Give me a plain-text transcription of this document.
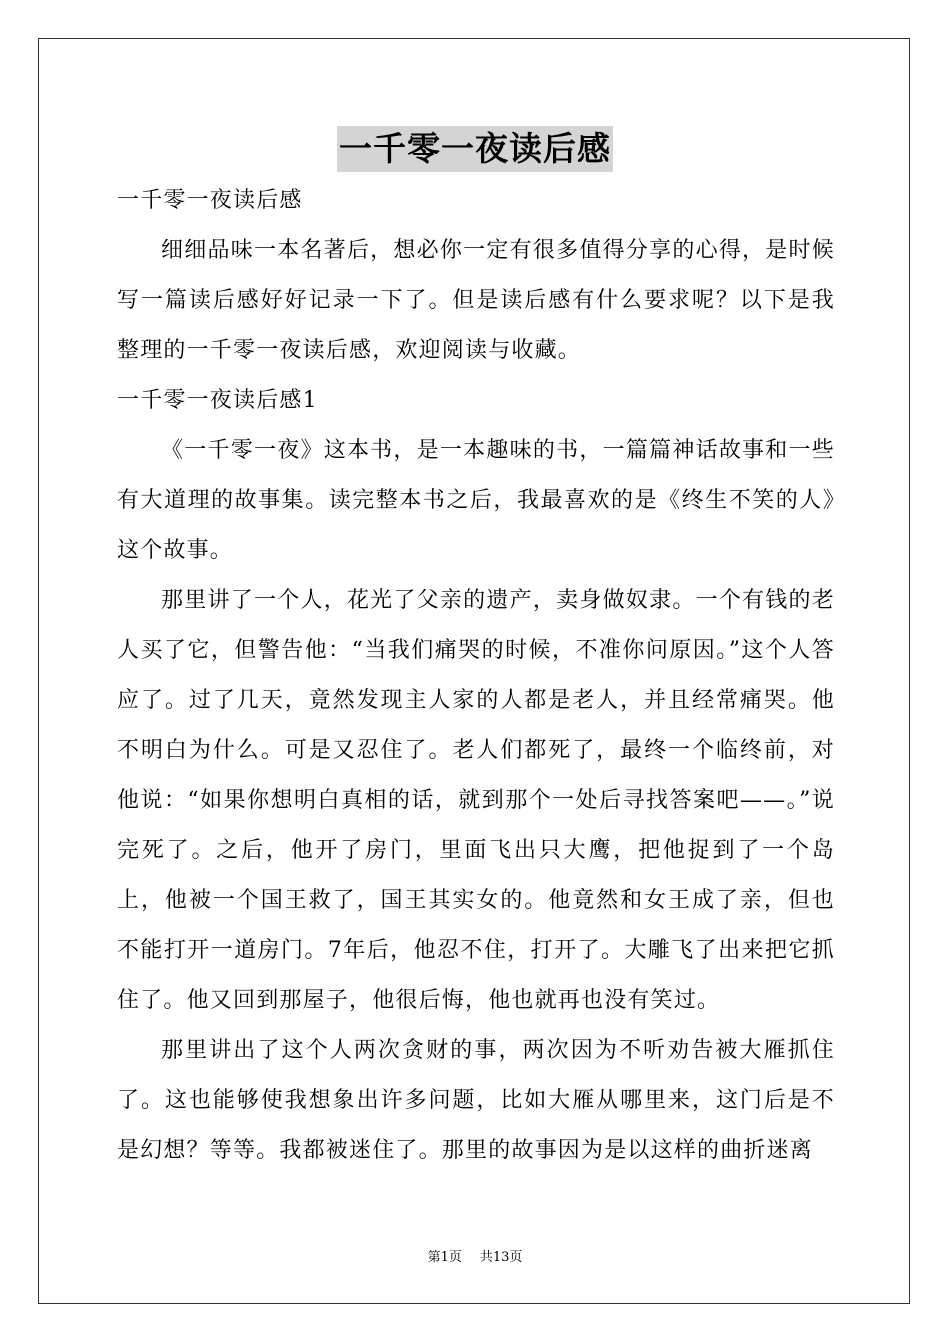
一千零一夜读后感

一千零一夜读后感

细细品味一本名著后，想必你一定有很多值得分享的心得，是时候写一篇读后感好好记录一下了。但是读后感有什么要求呢？以下是我整理的一千零一夜读后感，欢迎阅读与收藏。

一千零一夜读后感1

《一千零一夜》这本书，是一本趣味的书，一篇篇神话故事和一些有大道理的故事集。读完整本书之后，我最喜欢的是《终生不笑的人》这个故事。

那里讲了一个人，花光了父亲的遗产，卖身做奴隶。一个有钱的老人买了它，但警告他：“当我们痛哭的时候，不准你问原因。”这个人答应了。过了几天，竟然发现主人家的人都是老人，并且经常痛哭。他不明白为什么。可是又忍住了。老人们都死了，最终一个临终前，对他说：“如果你想明白真相的话，就到那个一处后寻找答案吧——。”说完死了。之后，他开了房门，里面飞出只大鹰，把他捉到了一个岛上，他被一个国王救了，国王其实女的。他竟然和女王成了亲，但也不能打开一道房门。7年后，他忍不住，打开了。大雕飞了出来把它抓住了。他又回到那屋子，他很后悔，他也就再也没有笑过。

那里讲出了这个人两次贪财的事，两次因为不听劝告被大雁抓住了。这也能够使我想象出许多问题，比如大雁从哪里来，这门后是不是幻想？等等。我都被迷住了。那里的故事因为是以这样的曲折迷离

第1页 共13页
